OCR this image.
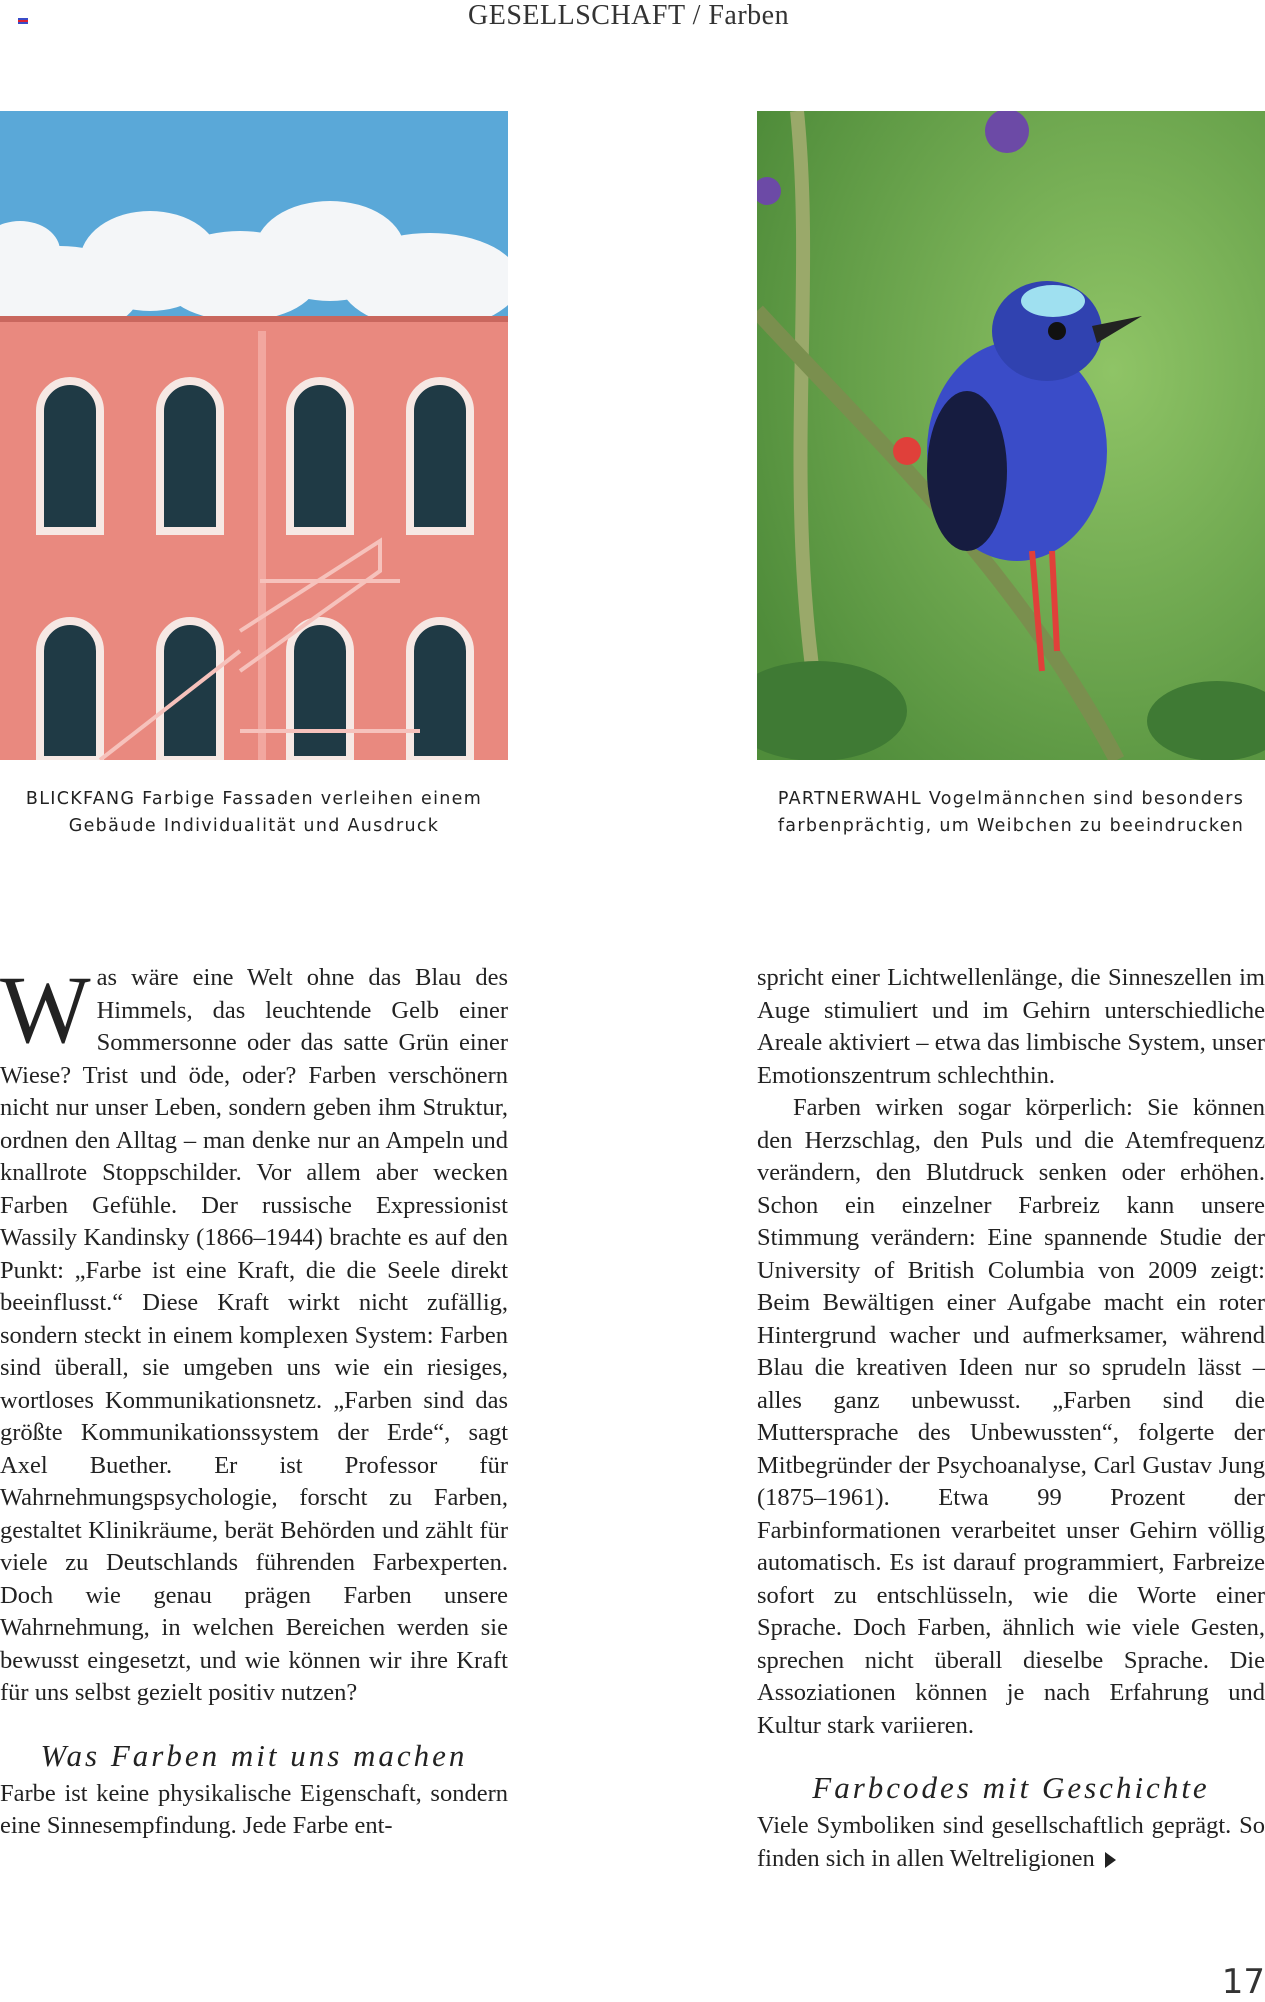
GESELLSCHAFT / Farben
BLICKFANG Farbige Fassaden verleihen einem Gebäude Individualität und Ausdruck
PARTNERWAHL Vogelmännchen sind besonders farbenprächtig, um Weibchen zu beeindrucken

Was wäre eine Welt ohne das Blau des Himmels, das leuchtende Gelb einer Sommersonne oder das satte Grün einer Wiese? Trist und öde, oder? Farben verschönern nicht nur unser Leben, sondern geben ihm Struktur, ordnen den Alltag – man denke nur an Ampeln und knallrote Stoppschilder. Vor allem aber wecken Farben Gefühle. Der russische Expressionist Wassily Kandinsky (1866–1944) brachte es auf den Punkt: „Farbe ist eine Kraft, die die Seele direkt beeinflusst.“ Diese Kraft wirkt nicht zufällig, sondern steckt in einem komplexen System: Farben sind überall, sie umgeben uns wie ein riesiges, wortloses Kommunikationsnetz. „Farben sind das größte Kommunikationssystem der Erde“, sagt Axel Buether. Er ist Professor für Wahrnehmungspsychologie, forscht zu Farben, gestaltet Klinikräume, berät Behörden und zählt für viele zu Deutschlands führenden Farbexperten. Doch wie genau prägen Farben unsere Wahrnehmung, in welchen Bereichen werden sie bewusst eingesetzt, und wie können wir ihre Kraft für uns selbst gezielt positiv nutzen?

Was Farben mit uns machen

Farbe ist keine physikalische Eigenschaft, sondern eine Sinnesempfindung. Jede Farbe ent-

spricht einer Lichtwellenlänge, die Sinneszellen im Auge stimuliert und im Gehirn unterschiedliche Areale aktiviert – etwa das limbische System, unser Emotionszentrum schlechthin.

Farben wirken sogar körperlich: Sie können den Herzschlag, den Puls und die Atemfrequenz verändern, den Blutdruck senken oder erhöhen. Schon ein einzelner Farbreiz kann unsere Stimmung verändern: Eine spannende Studie der University of British Columbia von 2009 zeigt: Beim Bewältigen einer Aufgabe macht ein roter Hintergrund wacher und aufmerksamer, während Blau die kreativen Ideen nur so sprudeln lässt – alles ganz unbewusst. „Farben sind die Muttersprache des Unbewussten“, folgerte der Mitbegründer der Psychoanalyse, Carl Gustav Jung (1875–1961). Etwa 99 Prozent der Farbinformationen verarbeitet unser Gehirn völlig automatisch. Es ist darauf programmiert, Farbreize sofort zu entschlüsseln, wie die Worte einer Sprache. Doch Farben, ähnlich wie viele Gesten, sprechen nicht überall dieselbe Sprache. Die Assoziationen können je nach Erfahrung und Kultur stark variieren.

Farbcodes mit Geschichte

Viele Symboliken sind gesellschaftlich geprägt. So finden sich in allen Weltreligionen

17
